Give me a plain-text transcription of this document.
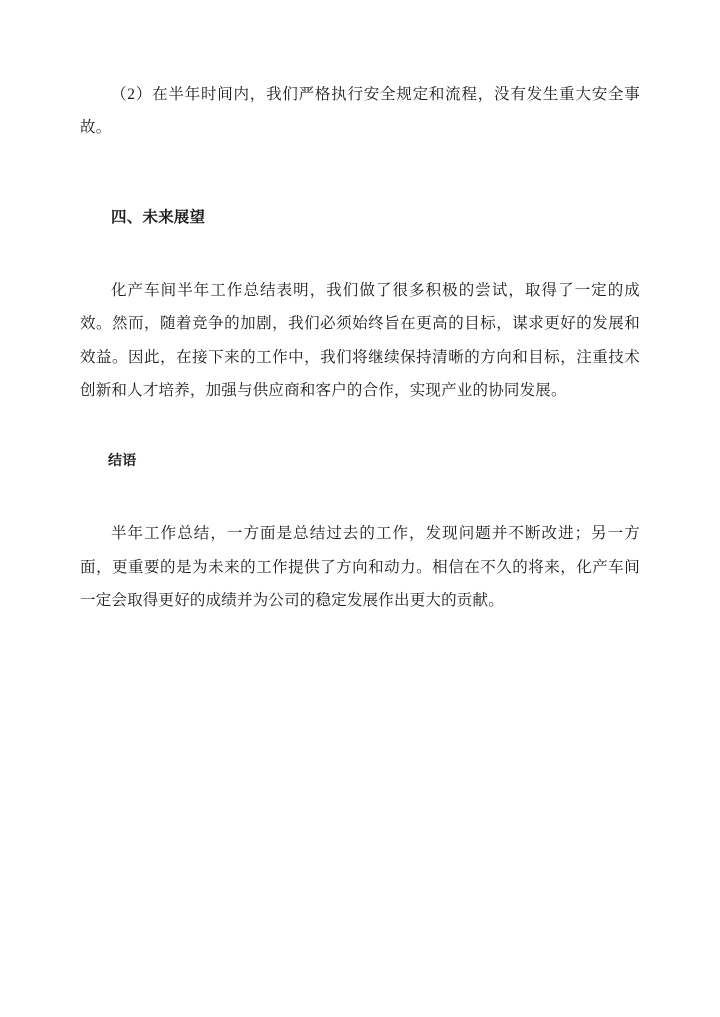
（2）在半年时间内，我们严格执行安全规定和流程，没有发生重大安全事故。

四、未来展望

化产车间半年工作总结表明，我们做了很多积极的尝试，取得了一定的成效。然而，随着竞争的加剧，我们必须始终旨在更高的目标，谋求更好的发展和效益。因此，在接下来的工作中，我们将继续保持清晰的方向和目标，注重技术创新和人才培养，加强与供应商和客户的合作，实现产业的协同发展。

结语

半年工作总结，一方面是总结过去的工作，发现问题并不断改进；另一方面，更重要的是为未来的工作提供了方向和动力。相信在不久的将来，化产车间一定会取得更好的成绩并为公司的稳定发展作出更大的贡献。
